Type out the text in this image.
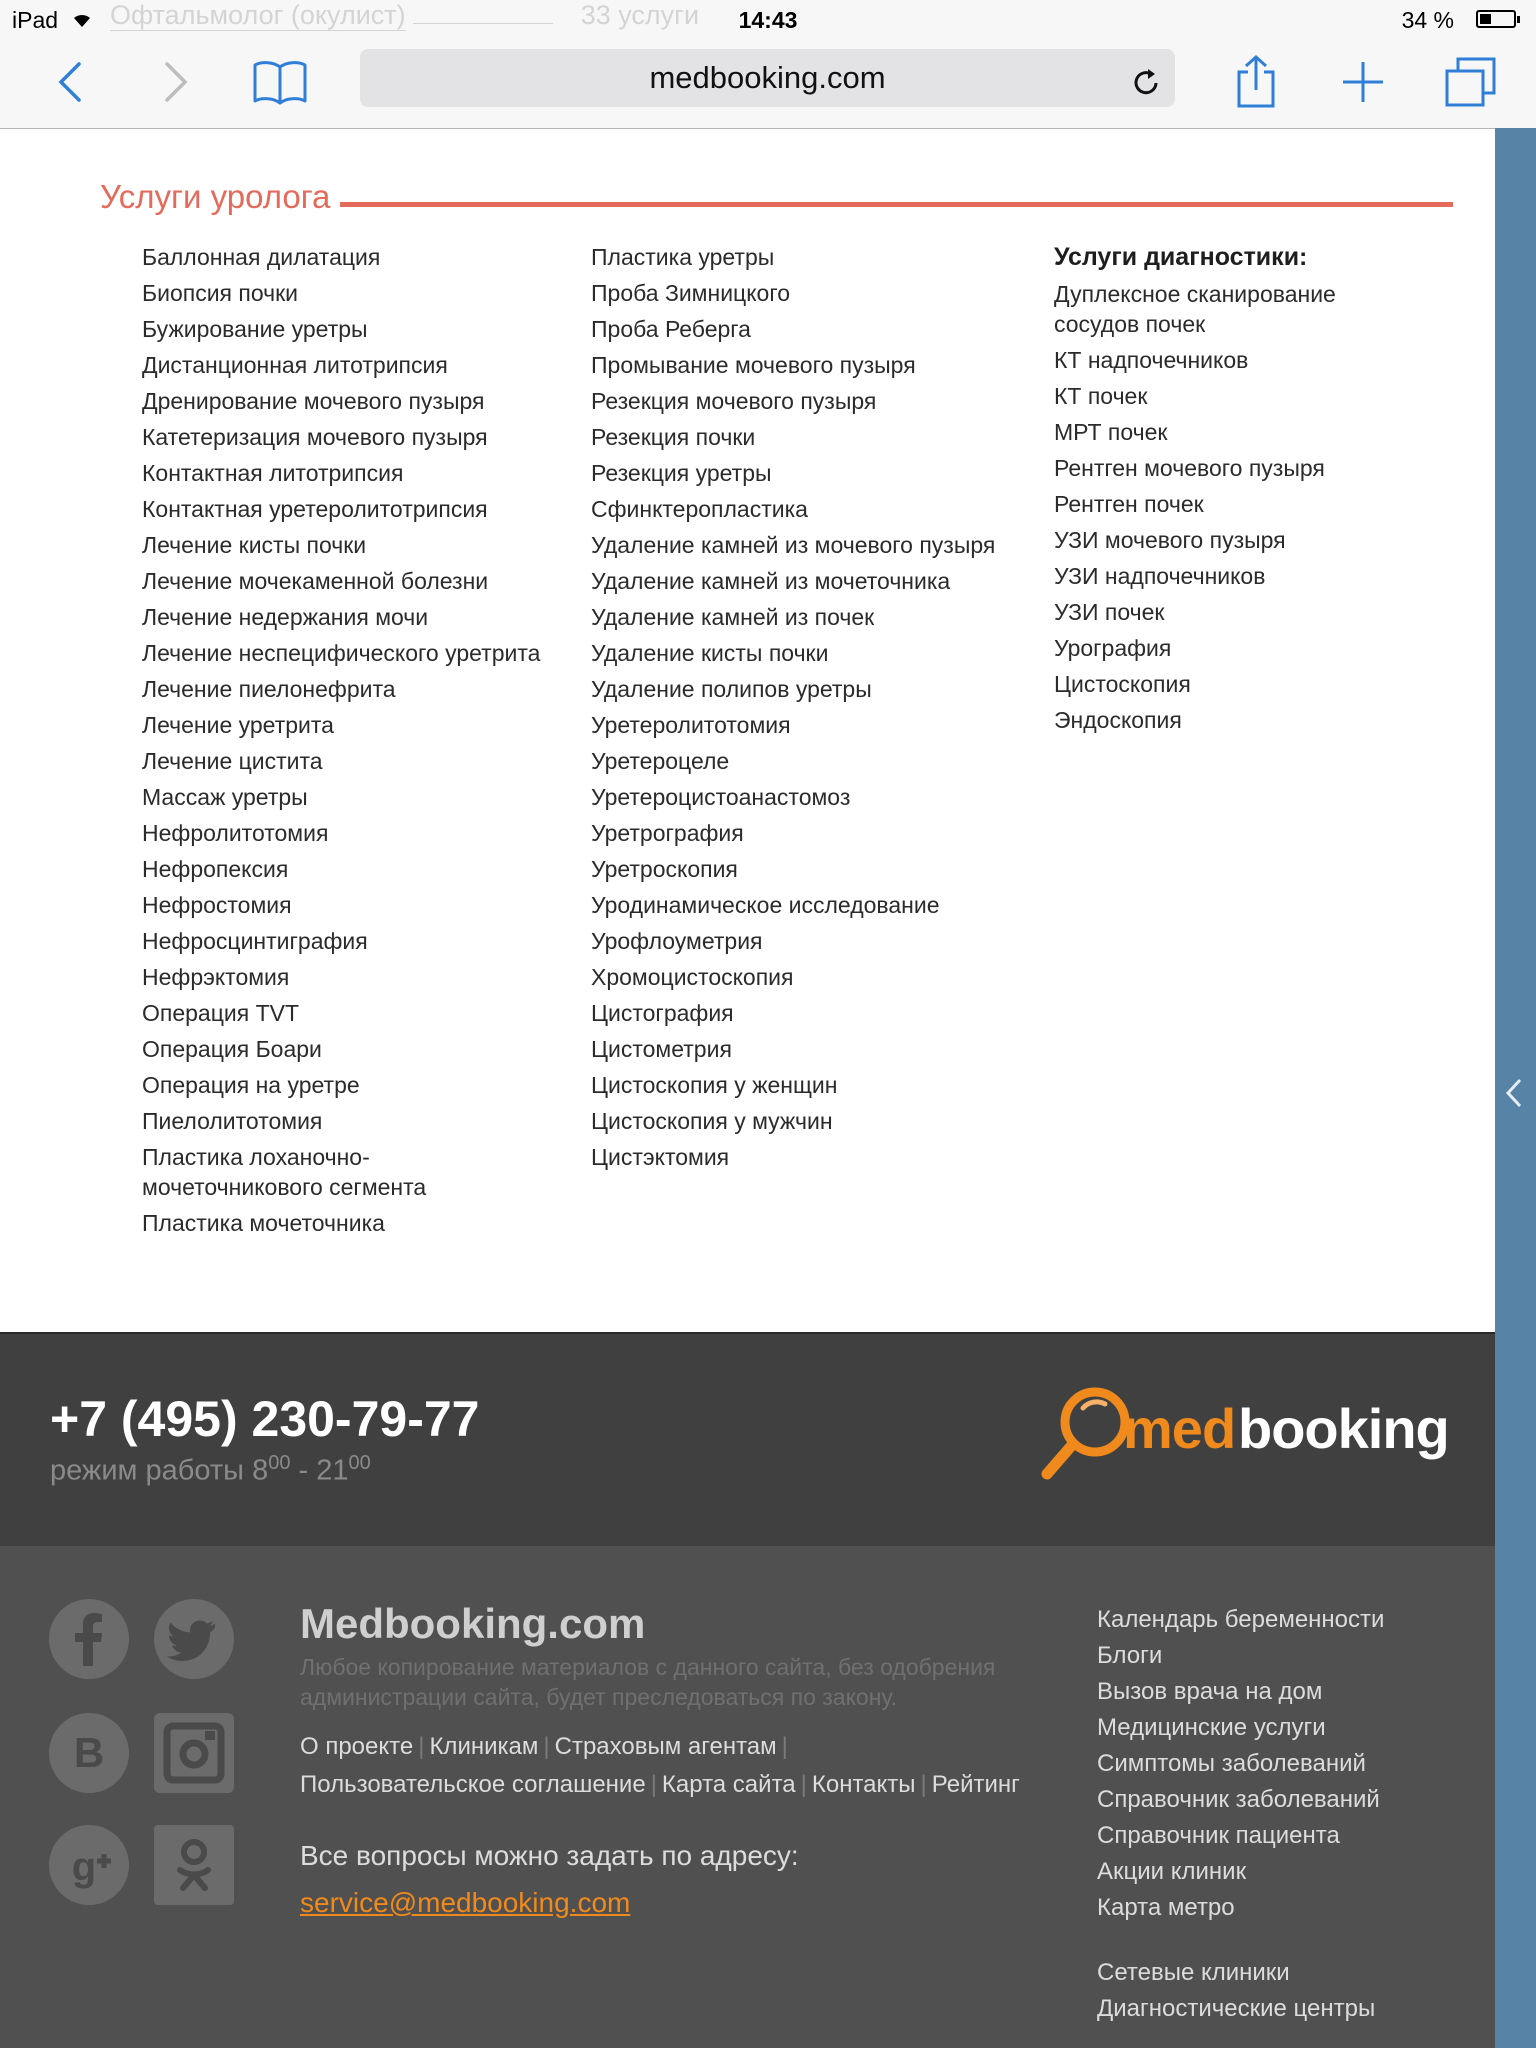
Офтальмолог (окулист)	33 услуги
iPad	14:43	34 %
medbooking.com
Услуги уролога
Баллонная дилатация
Биопсия почки
Бужирование уретры
Дистанционная литотрипсия
Дренирование мочевого пузыря
Катетеризация мочевого пузыря
Контактная литотрипсия
Контактная уретеролитотрипсия
Лечение кисты почки
Лечение мочекаменной болезни
Лечение недержания мочи
Лечение неспецифического уретрита
Лечение пиелонефрита
Лечение уретрита
Лечение цистита
Массаж уретры
Нефролитотомия
Нефропексия
Нефростомия
Нефросцинтиграфия
Нефрэктомия
Операция TVT
Операция Боари
Операция на уретре
Пиелолитотомия
Пластика лоханочно-мочеточникового сегмента
Пластика мочеточника
Пластика уретры
Проба Зимницкого
Проба Реберга
Промывание мочевого пузыря
Резекция мочевого пузыря
Резекция почки
Резекция уретры
Сфинктеропластика
Удаление камней из мочевого пузыря
Удаление камней из мочеточника
Удаление камней из почек
Удаление кисты почки
Удаление полипов уретры
Уретеролитотомия
Уретероцеле
Уретероцистоанастомоз
Уретрография
Уретроскопия
Уродинамическое исследование
Урофлоуметрия
Хромоцистоскопия
Цистография
Цистометрия
Цистоскопия у женщин
Цистоскопия у мужчин
Цистэктомия
Услуги диагностики:
Дуплексное сканирование сосудов почек
КТ надпочечников
КТ почек
МРТ почек
Рентген мочевого пузыря
Рентген почек
УЗИ мочевого пузыря
УЗИ надпочечников
УЗИ почек
Урография
Цистоскопия
Эндоскопия
+7 (495) 230-79-77
режим работы $8^{00} - 21^{00}$
med booking
B
g
Medbooking.com
Любое копирование материалов с данного сайта, без одобрения администрации сайта, будет преследоваться по закону.
О проекте | Клиникам | Страховым агентам |
Пользовательское соглашение | Карта сайта | Контакты | Рейтинг
Все вопросы можно задать по адресу:
service@medbooking.com
Календарь беременности
Блоги
Вызов врача на дом
Медицинские услуги
Симптомы заболеваний
Справочник заболеваний
Справочник пациента
Акции клиник
Карта метро
Сетевые клиники
Диагностические центры
